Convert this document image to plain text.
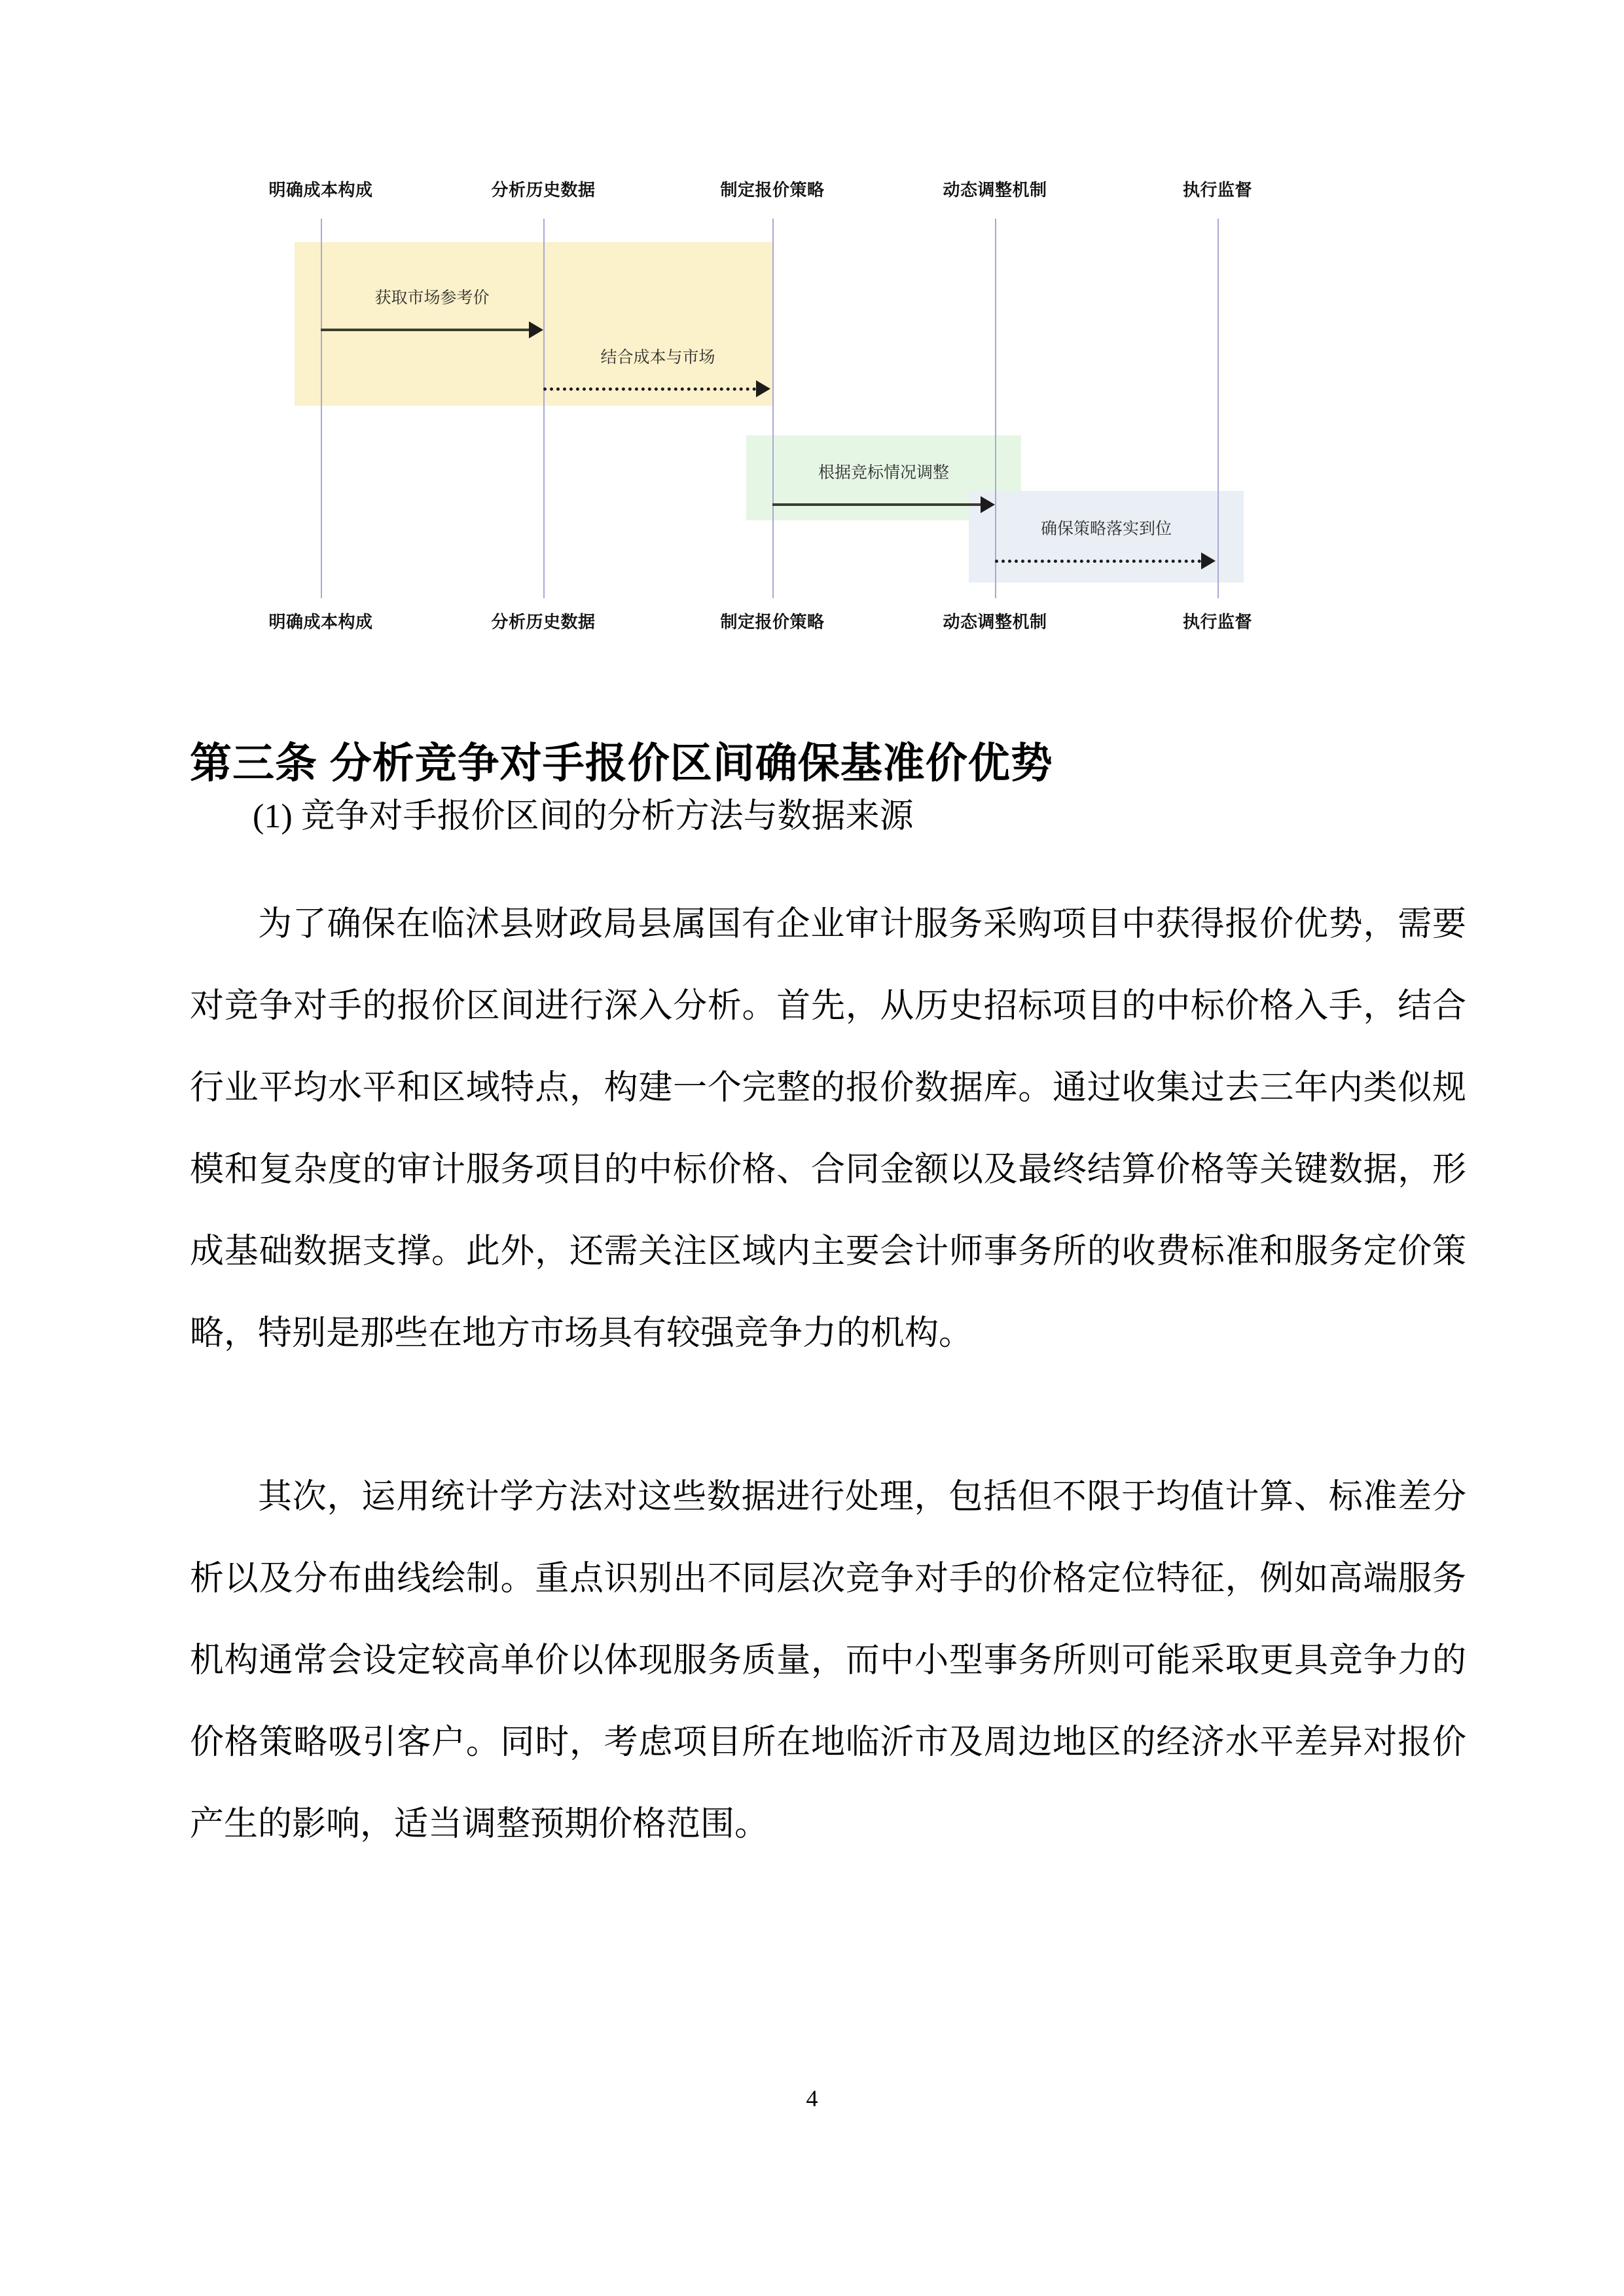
明确成本构成	分析历史数据	制定报价策略	动态调整机制	执行监督
明确成本构成	分析历史数据	制定报价策略	动态调整机制	执行监督
获取市场参考价
结合成本与市场
根据竞标情况调整
确保策略落实到位
第三条 分析竞争对手报价区间确保基准价优势
(1) 竞争对手报价区间的分析方法与数据来源

为了确保在临沭县财政局县属国有企业审计服务采购项目中获得报价优势，需要对竞争对手的报价区间进行深入分析。首先，从历史招标项目的中标价格入手，结合行业平均水平和区域特点，构建一个完整的报价数据库。通过收集过去三年内类似规模和复杂度的审计服务项目的中标价格、合同金额以及最终结算价格等关键数据，形成基础数据支撑。此外，还需关注区域内主要会计师事务所的收费标准和服务定价策略，特别是那些在地方市场具有较强竞争力的机构。

其次，运用统计学方法对这些数据进行处理，包括但不限于均值计算、标准差分析以及分布曲线绘制。重点识别出不同层次竞争对手的价格定位特征，例如高端服务机构通常会设定较高单价以体现服务质量，而中小型事务所则可能采取更具竞争力的价格策略吸引客户。同时，考虑项目所在地临沂市及周边地区的经济水平差异对报价产生的影响，适当调整预期价格范围。

4
